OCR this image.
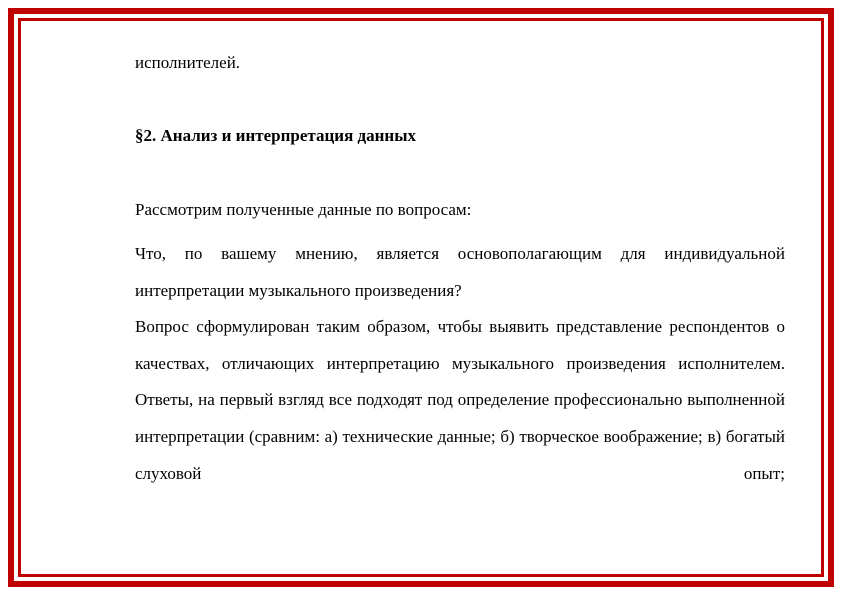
исполнителей.
§2. Анализ и интерпретация данных
Рассмотрим полученные данные по вопросам:

Что, по вашему мнению, является основополагающим для индивидуальной интерпретации музыкального произведения?

Вопрос сформулирован таким образом, чтобы выявить представление респондентов о качествах, отличающих интерпретацию музыкального произведения исполнителем. Ответы, на первый взгляд все подходят под определение профессионально выполненной интерпретации (сравним: а) технические данные; б) творческое воображение; в) богатый слуховой опыт;
